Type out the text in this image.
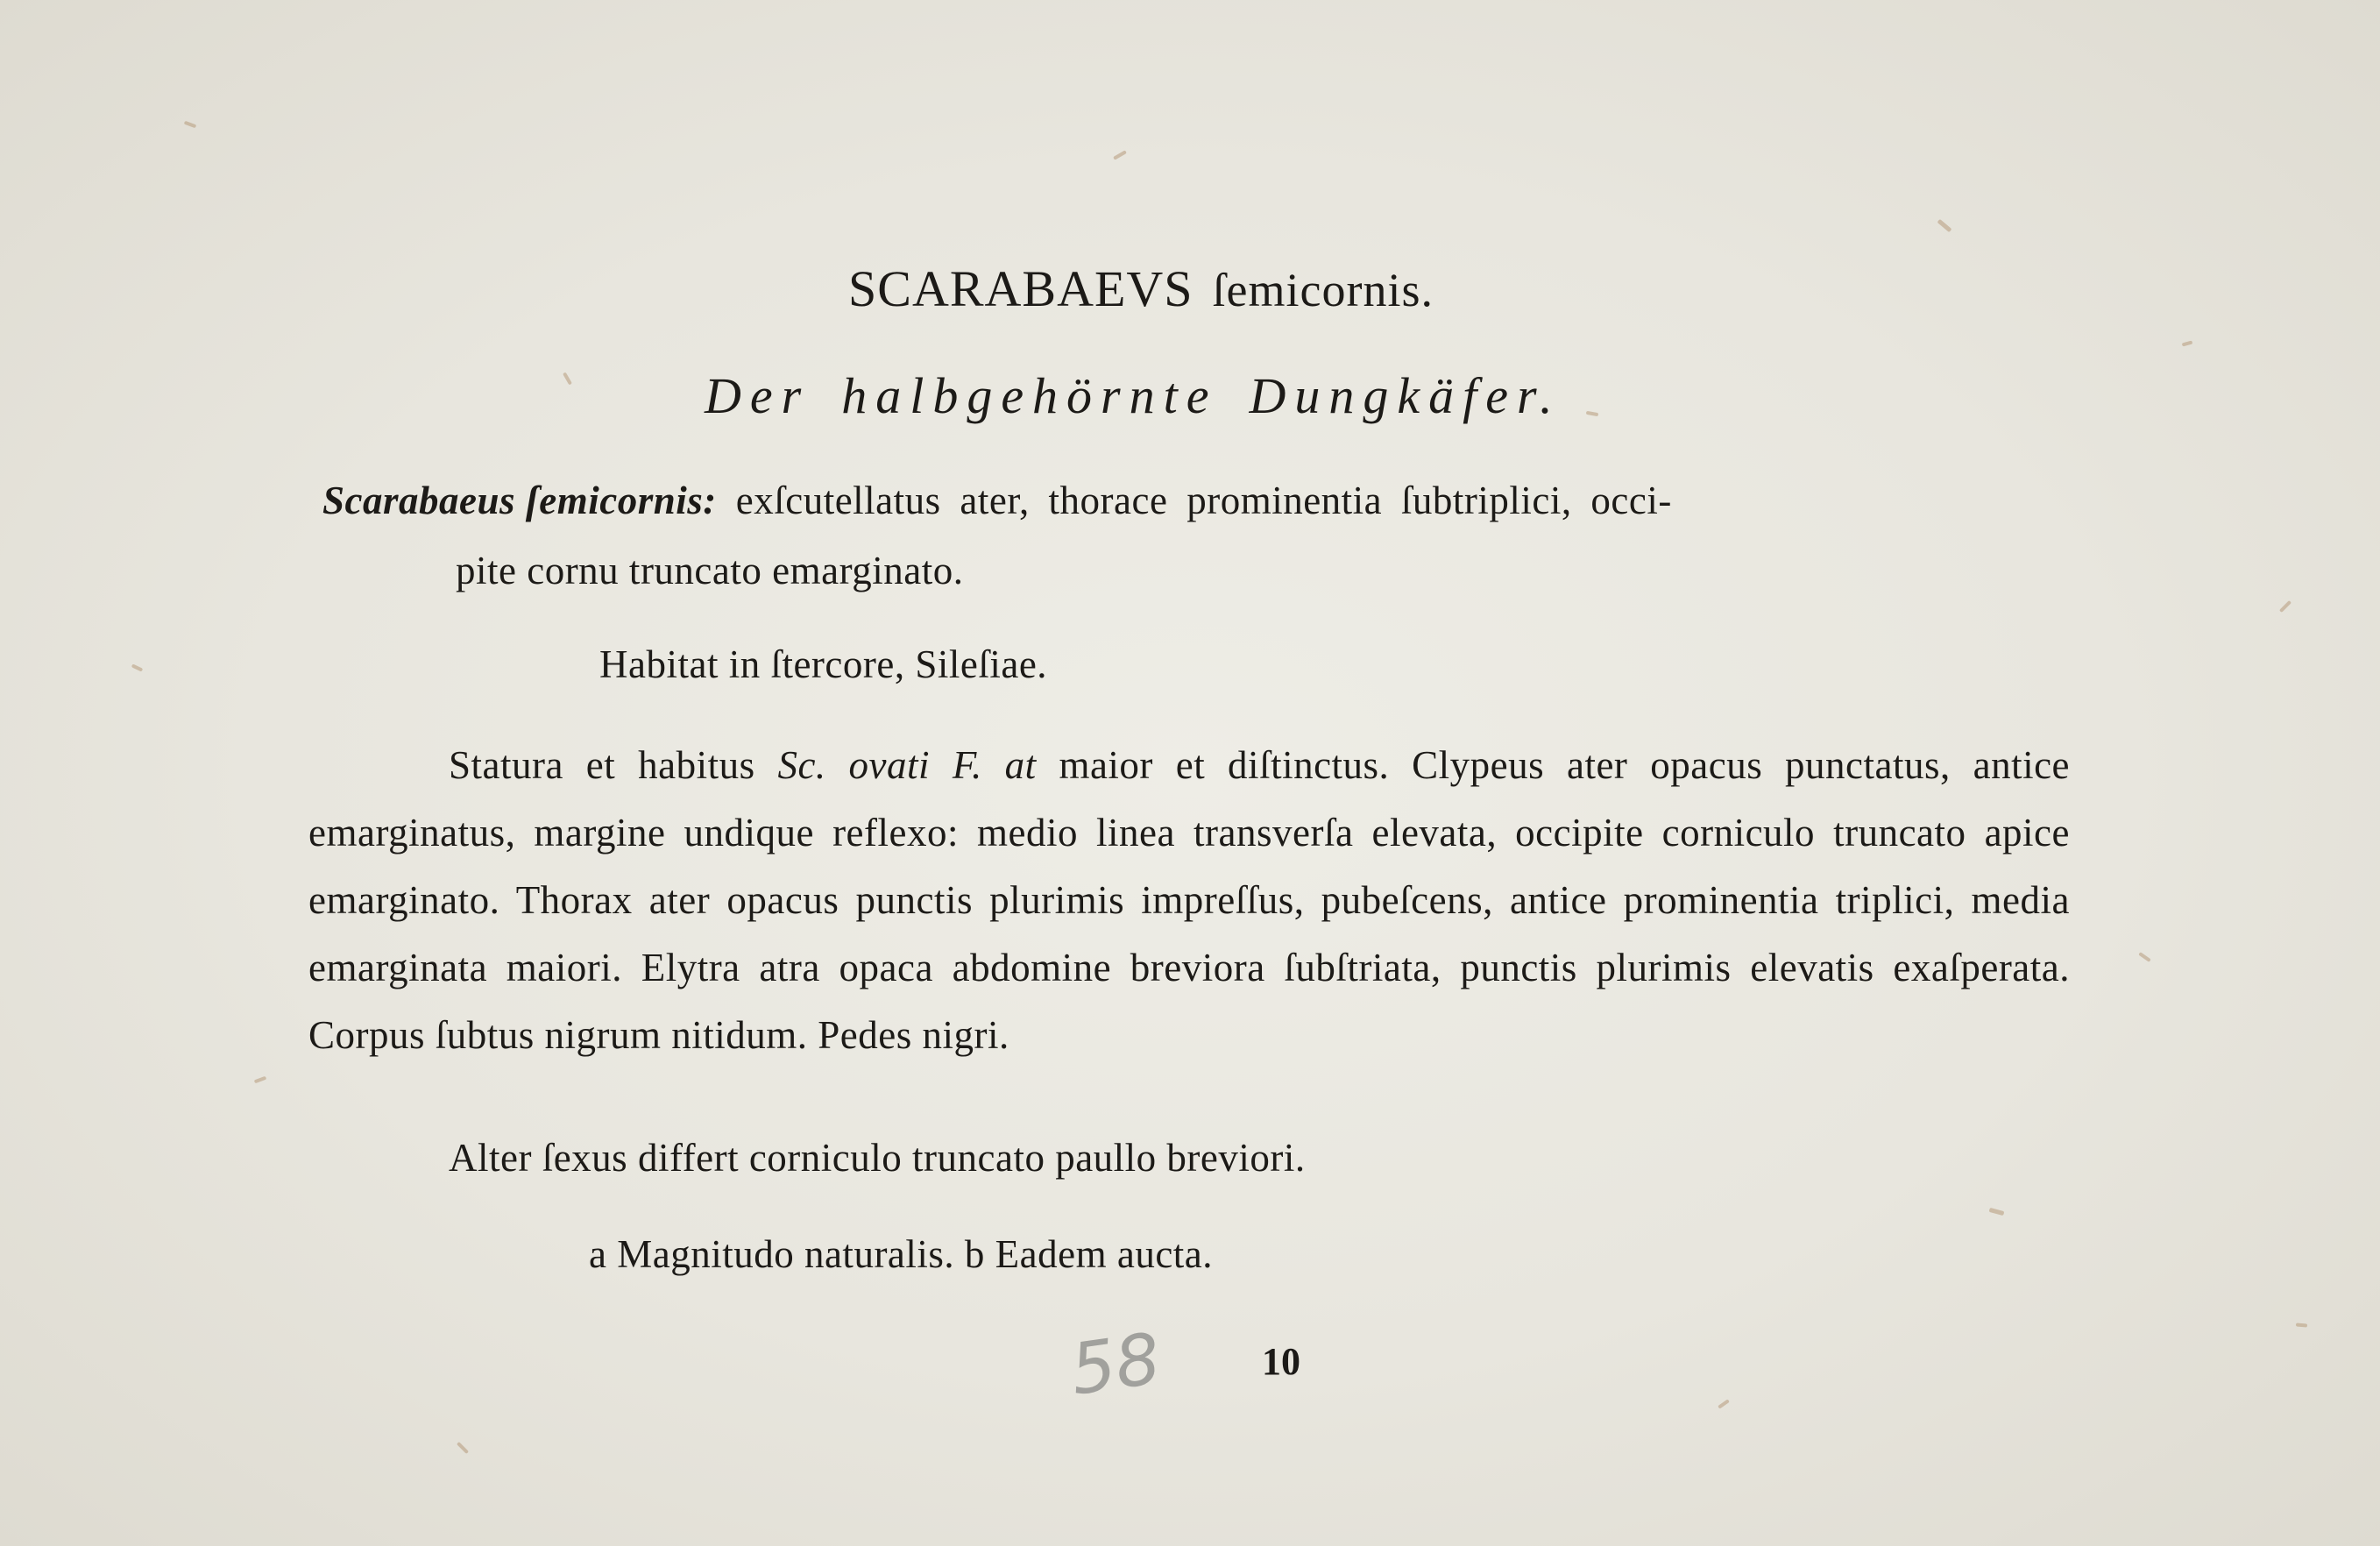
SCARABAEVS ſemicornis.
Der halbgehörnte Dungkäfer.
Scarabaeus ſemicornis: exſcutellatus ater, thorace prominentia ſubtriplici, occi-
pite cornu truncato emarginato.
Habitat in ſtercore, Sileſiae.
Statura et habitus Sc. ovati F. at maior et diſtinctus. Clypeus ater opacus punctatus, antice emarginatus, margine undique reflexo: medio linea transverſa elevata, occipite corniculo truncato apice emarginato. Thorax ater opacus punctis plurimis impreſſus, pubeſcens, antice prominentia triplici, media emarginata maiori. Elytra atra opaca abdomine breviora ſubſtriata, punctis plurimis elevatis exaſperata. Corpus ſubtus nigrum nitidum. Pedes nigri.
Alter ſexus differt corniculo truncato paullo breviori.
a Magnitudo naturalis. b Eadem aucta.
58	10
